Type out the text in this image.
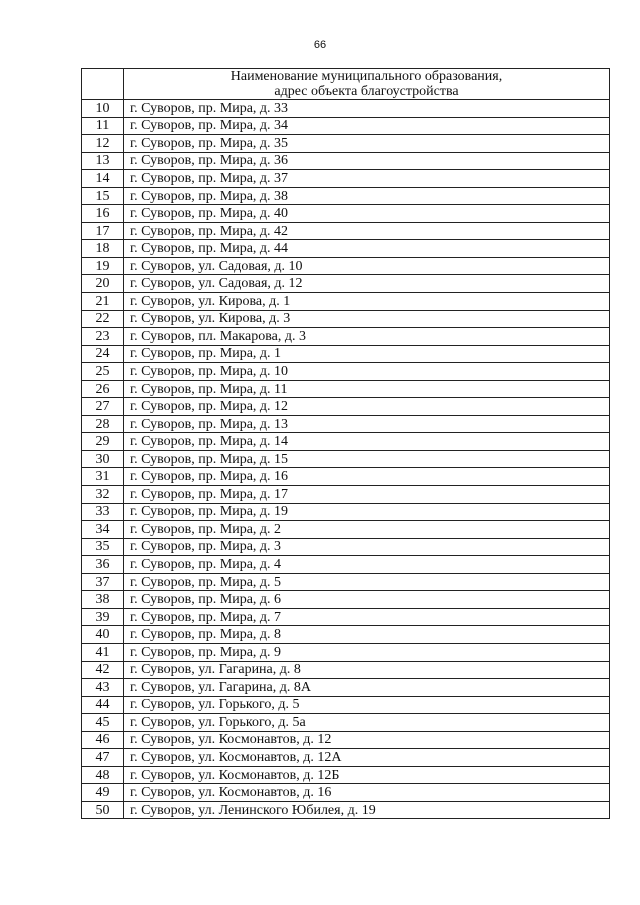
66

	Наименование муниципального образования,
адрес объекта благоустройства

10	г. Суворов, пр. Мира, д. 33
11	г. Суворов, пр. Мира, д. 34
12	г. Суворов, пр. Мира, д. 35
13	г. Суворов, пр. Мира, д. 36
14	г. Суворов, пр. Мира, д. 37
15	г. Суворов, пр. Мира, д. 38
16	г. Суворов, пр. Мира, д. 40
17	г. Суворов, пр. Мира, д. 42
18	г. Суворов, пр. Мира, д. 44
19	г. Суворов, ул. Садовая, д. 10
20	г. Суворов, ул. Садовая, д. 12
21	г. Суворов, ул. Кирова, д. 1
22	г. Суворов, ул. Кирова, д. 3
23	г. Суворов, пл. Макарова, д. 3
24	г. Суворов, пр. Мира, д. 1
25	г. Суворов, пр. Мира, д. 10
26	г. Суворов, пр. Мира, д. 11
27	г. Суворов, пр. Мира, д. 12
28	г. Суворов, пр. Мира, д. 13
29	г. Суворов, пр. Мира, д. 14
30	г. Суворов, пр. Мира, д. 15
31	г. Суворов, пр. Мира, д. 16
32	г. Суворов, пр. Мира, д. 17
33	г. Суворов, пр. Мира, д. 19
34	г. Суворов, пр. Мира, д. 2
35	г. Суворов, пр. Мира, д. 3
36	г. Суворов, пр. Мира, д. 4
37	г. Суворов, пр. Мира, д. 5
38	г. Суворов, пр. Мира, д. 6
39	г. Суворов, пр. Мира, д. 7
40	г. Суворов, пр. Мира, д. 8
41	г. Суворов, пр. Мира, д. 9
42	г. Суворов, ул. Гагарина, д. 8
43	г. Суворов, ул. Гагарина, д. 8А
44	г. Суворов, ул. Горького, д. 5
45	г. Суворов, ул. Горького, д. 5а
46	г. Суворов, ул. Космонавтов, д. 12
47	г. Суворов, ул. Космонавтов, д. 12А
48	г. Суворов, ул. Космонавтов, д. 12Б
49	г. Суворов, ул. Космонавтов, д. 16
50	г. Суворов, ул. Ленинского Юбилея, д. 19
